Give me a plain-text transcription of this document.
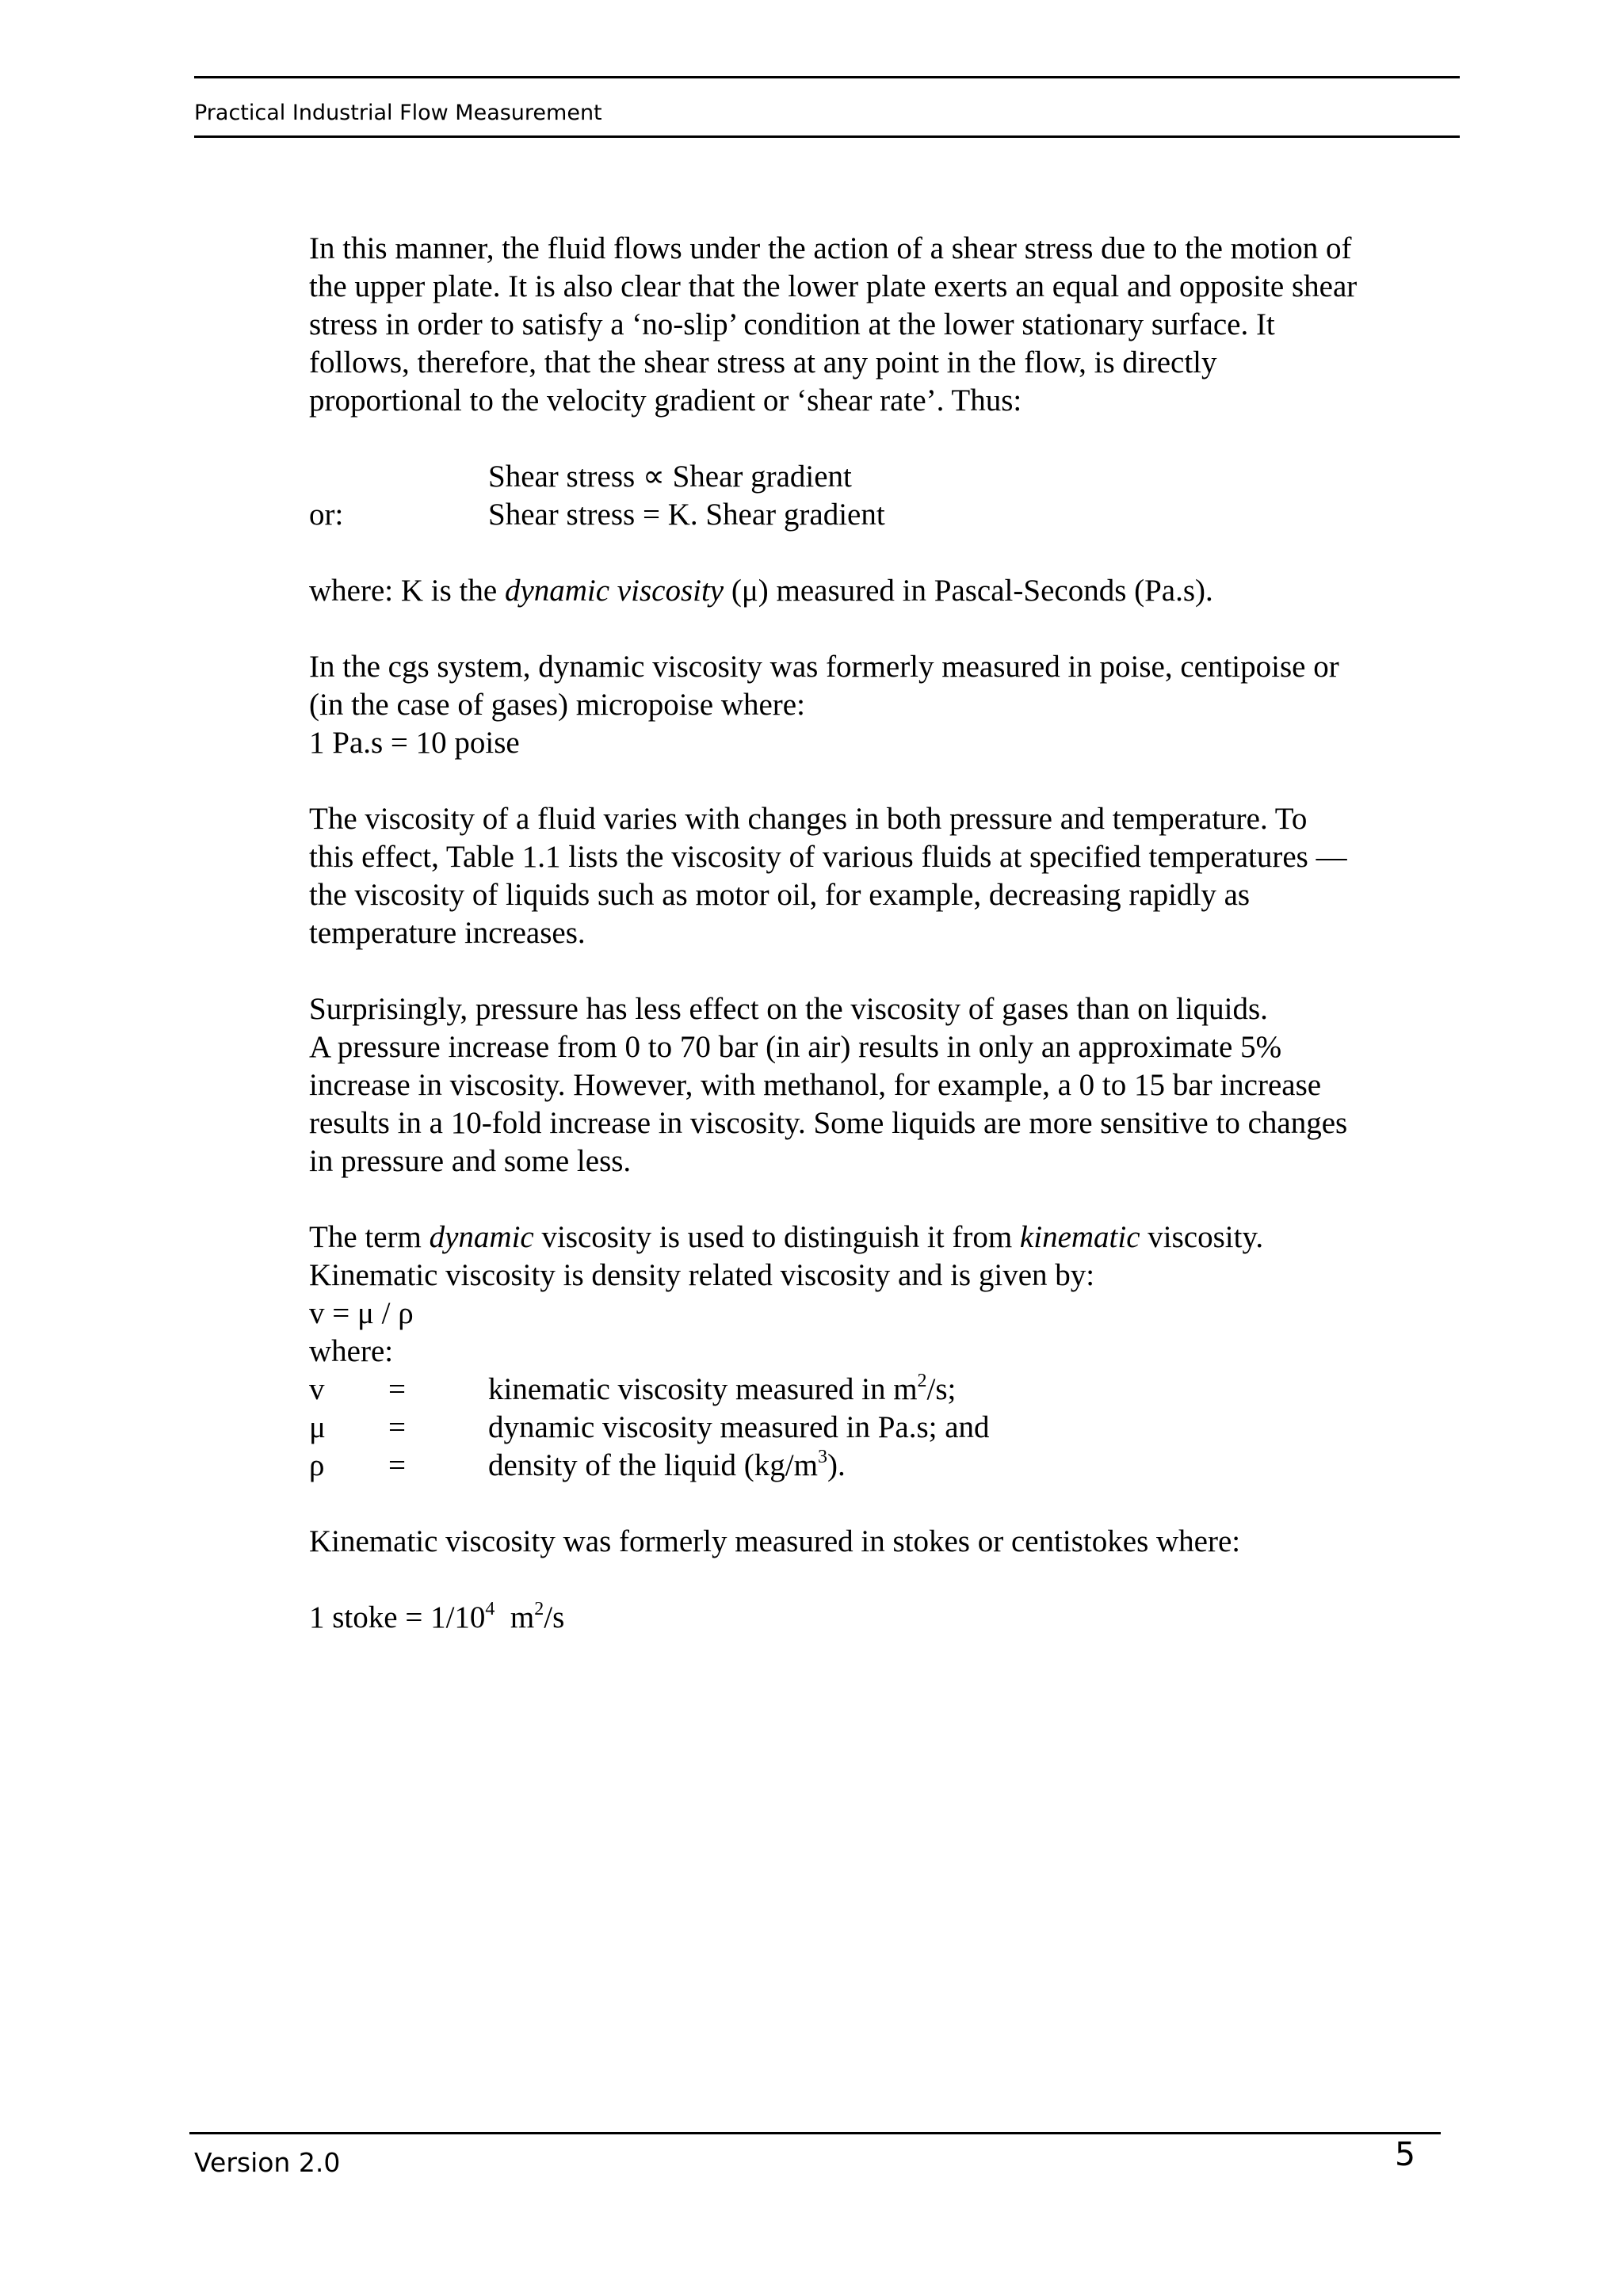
Practical Industrial Flow Measurement

In this manner, the fluid flows under the action of a shear stress due to the motion of
the upper plate. It is also clear that the lower plate exerts an equal and opposite shear
stress in order to satisfy a ‘no-slip’ condition at the lower stationary surface. It
follows, therefore, that the shear stress at any point in the flow, is directly
proportional to the velocity gradient or ‘shear rate’. Thus:

Shear stress ∝ Shear gradient
or:	Shear stress = K. Shear gradient

where: K is the dynamic viscosity (μ) measured in Pascal-Seconds (Pa.s).

In the cgs system, dynamic viscosity was formerly measured in poise, centipoise or
(in the case of gases) micropoise where:
1 Pa.s = 10 poise

The viscosity of a fluid varies with changes in both pressure and temperature. To
this effect, Table 1.1 lists the viscosity of various fluids at specified temperatures —
the viscosity of liquids such as motor oil, for example, decreasing rapidly as
temperature increases.

Surprisingly, pressure has less effect on the viscosity of gases than on liquids.
A pressure increase from 0 to 70 bar (in air) results in only an approximate 5%
increase in viscosity. However, with methanol, for example, a 0 to 15 bar increase
results in a 10-fold increase in viscosity. Some liquids are more sensitive to changes
in pressure and some less.

The term dynamic viscosity is used to distinguish it from kinematic viscosity.
Kinematic viscosity is density related viscosity and is given by:
v = μ / ρ
where:

v	=	kinematic viscosity measured in $m^2/s$;
μ	=	dynamic viscosity measured in Pa.s; and
ρ	=	density of the liquid $(kg/m^3)$.

Kinematic viscosity was formerly measured in stokes or centistokes where:

1 stoke = $1/10^4$  $m^2/s$

Version 2.0	5
